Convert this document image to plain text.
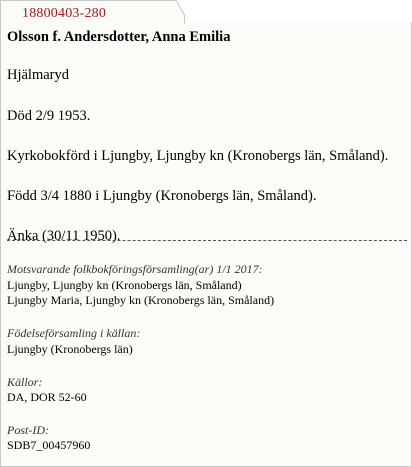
Olsson f. Andersdotter, Anna Emilia
Hjälmaryd
Död 2/9 1953.
Kyrkobokförd i Ljungby, Ljungby kn (Kronobergs län, Småland).
Född 3/4 1880 i Ljungby (Kronobergs län, Småland).
Änka (30/11 1950).
Motsvarande folkbokföringsförsamling(ar) 1/1 2017:
Ljungby, Ljungby kn (Kronobergs län, Småland)
Ljungby Maria, Ljungby kn (Kronobergs län, Småland)
Födelseförsamling i källan:
Ljungby (Kronobergs län)
Källor:
DA, DOR 52-60
Post-ID:
SDB7_00457960
18800403-280
